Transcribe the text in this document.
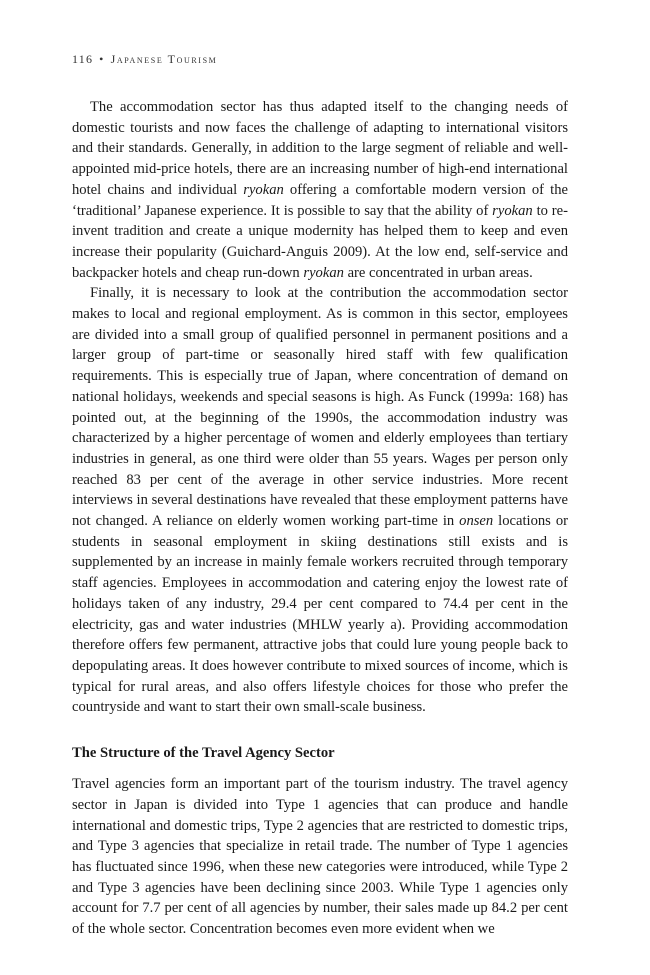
116 • Japanese Tourism

The accommodation sector has thus adapted itself to the changing needs of domestic tourists and now faces the challenge of adapting to international visitors and their standards. Generally, in addition to the large segment of reliable and well-appointed mid-price hotels, there are an increasing number of high-end international hotel chains and individual ryokan offering a comfortable modern version of the ‘traditional’ Japanese experience. It is possible to say that the ability of ryokan to re-invent tradition and create a unique modernity has helped them to keep and even increase their popularity (Guichard-Anguis 2009). At the low end, self-service and backpacker hotels and cheap run-down ryokan are concentrated in urban areas.

Finally, it is necessary to look at the contribution the accommodation sector makes to local and regional employment. As is common in this sector, employees are divided into a small group of qualified personnel in permanent positions and a larger group of part-time or seasonally hired staff with few qualification requirements. This is especially true of Japan, where concentration of demand on national holidays, weekends and special seasons is high. As Funck (1999a: 168) has pointed out, at the beginning of the 1990s, the accommodation industry was characterized by a higher percentage of women and elderly employees than tertiary industries in general, as one third were older than 55 years. Wages per person only reached 83 per cent of the average in other service industries. More recent interviews in several destinations have revealed that these employment patterns have not changed. A reliance on elderly women working part-time in onsen locations or students in seasonal employment in skiing destinations still exists and is supplemented by an increase in mainly female workers recruited through temporary staff agencies. Employees in accommodation and catering enjoy the lowest rate of holidays taken of any industry, 29.4 per cent compared to 74.4 per cent in the electricity, gas and water industries (MHLW yearly a). Providing accommodation therefore offers few permanent, attractive jobs that could lure young people back to depopulating areas. It does however contribute to mixed sources of income, which is typical for rural areas, and also offers lifestyle choices for those who prefer the countryside and want to start their own small-scale business.

The Structure of the Travel Agency Sector

Travel agencies form an important part of the tourism industry. The travel agency sector in Japan is divided into Type 1 agencies that can produce and handle international and domestic trips, Type 2 agencies that are restricted to domestic trips, and Type 3 agencies that specialize in retail trade. The number of Type 1 agencies has fluctuated since 1996, when these new categories were introduced, while Type 2 and Type 3 agencies have been declining since 2003. While Type 1 agencies only account for 7.7 per cent of all agencies by number, their sales made up 84.2 per cent of the whole sector. Concentration becomes even more evident when we
